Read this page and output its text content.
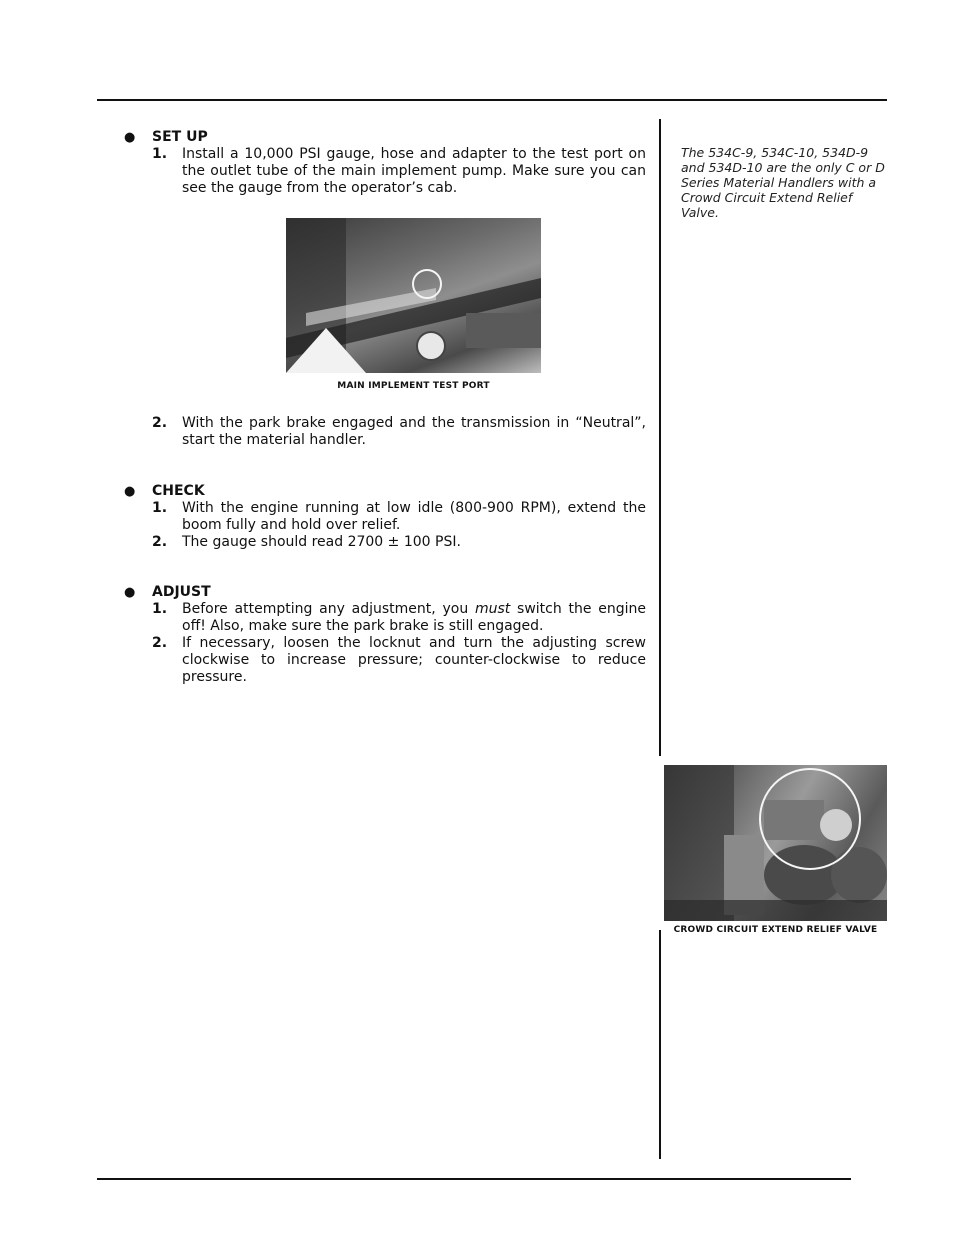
● SET UP
1.	Install a 10,000 PSI gauge, hose and adapter to the test port on the outlet tube of the main implement pump. Make sure you can see the gauge from the operator’s cab.
MAIN IMPLEMENT TEST PORT
2.	With the park brake engaged and the transmission in “Neutral”, start the material handler.
● CHECK
1.	With the engine running at low idle (800-900 RPM), extend the boom fully and hold over relief.
2.	The gauge should read 2700 ± 100 PSI.
● ADJUST
1.	Before attempting any adjustment, you must switch the engine off! Also, make sure the park brake is still engaged.
2.	If necessary, loosen the locknut and turn the adjusting screw clockwise to increase pressure; counter-clockwise to reduce pressure.
The 534C-9, 534C-10, 534D-9 and 534D-10 are the only C or D Series Material Handlers with a Crowd Circuit Extend Relief Valve.
CROWD CIRCUIT EXTEND RELIEF VALVE
